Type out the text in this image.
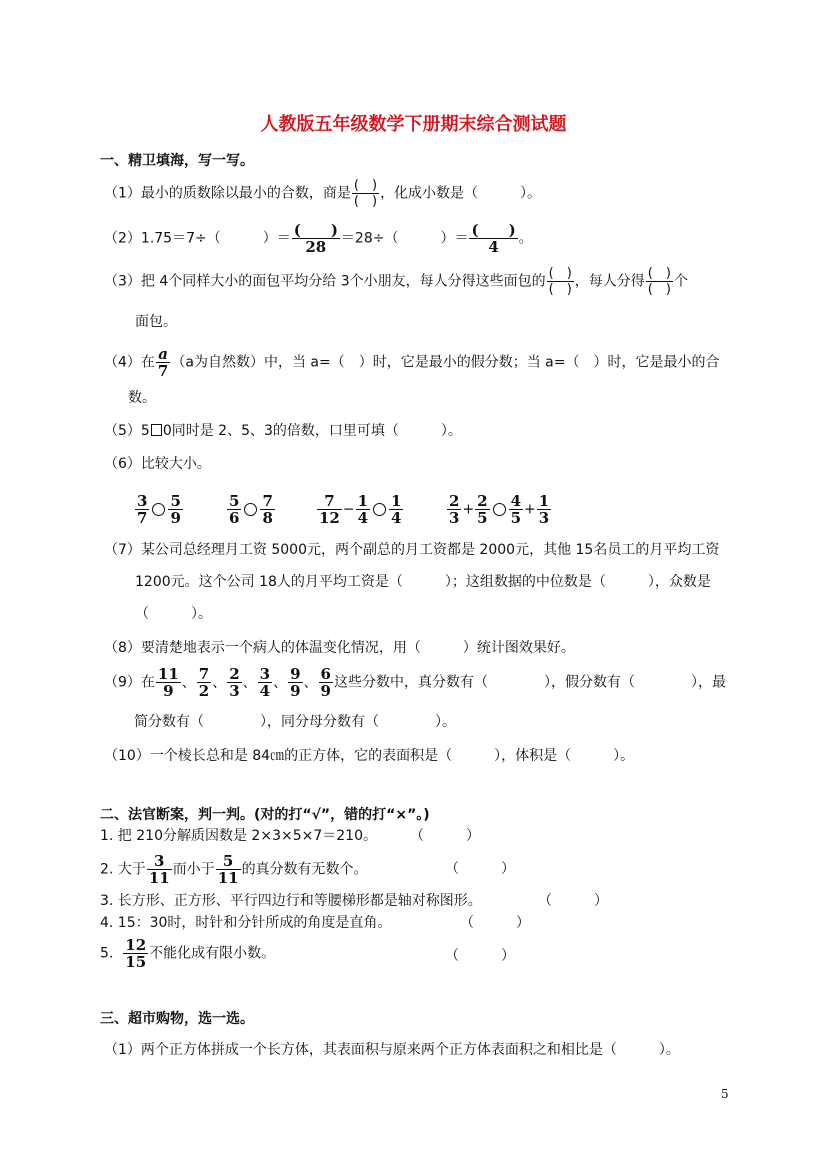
人教版五年级数学下册期末综合测试题
一、精卫填海，写一写。
（1）最小的质数除以最小的合数，商是 (　)
(　) ，化成小数是（　　　）。
（2）1.75＝7÷（　　　）＝ (　　)
28 ＝28÷（　　　）＝ (　　)
4 。
（3）把 4个同样大小的面包平均分给 3个小朋友，每人分得这些面包的 (　)
(　) ，每人分得 (　)
(　) 个
面包。
（4）在 $\frac{a}{7} (a$为自然数）中，当 a=（　）时，它是最小的假分数；当 a=（　）时，它是最小的合
数。
（5）5 0同时是 2、5、3的倍数，口里可填（　　　）。
（6）比较大小。
$\frac{3}{7} \frac{5}{9}$	$\frac{5}{6} \frac{7}{8}$	$\frac{7}{12} - \frac{1}{4} \frac{1}{4}$	$\frac{2}{3} + \frac{2}{5} \frac{4}{5} + \frac{1}{3}$
（7）某公司总经理月工资 5000元，两个副总的月工资都是 2000元，其他 15名员工的月平均工资
1200元。这个公司 18人的月平均工资是（　　　）；这组数据的中位数是（　　　），众数是
（　　　）。
（8）要清楚地表示一个病人的体温变化情况，用（　　　）统计图效果好。
（9）在 $\frac{11}{9}$ 、 $\frac{7}{2}$ 、 $\frac{2}{3}$ 、 $\frac{3}{4}$ 、 $\frac{9}{9}$ 、 $\frac{6}{9}$ 这些分数中，真分数有（　　　　），假分数有（　　　　），最
简分数有（　　　　），同分母分数有（　　　　）。
（10）一个棱长总和是 84㎝的正方体，它的表面积是（　　　），体积是（　　　）。
二、法官断案，判一判。(对的打“√”，错的打“×”。)
1. 把 210分解质因数是 2×3×5×7＝210。 （　　　）
2. 大于 $\frac{3}{11}$ 而小于 $\frac{5}{11}$ 的真分数有无数个。	（　　　）
3. 长方形、正方形、平行四边行和等腰梯形都是轴对称图形。	（　　　）
4. 15：30时，时针和分针所成的角度是直角。	（　　　）
5. $\frac{12}{15}$ 不能化成有限小数。	（　　　）
三、超市购物，选一选。
（1）两个正方体拼成一个长方体，其表面积与原来两个正方体表面积之和相比是（　　　）。
5
